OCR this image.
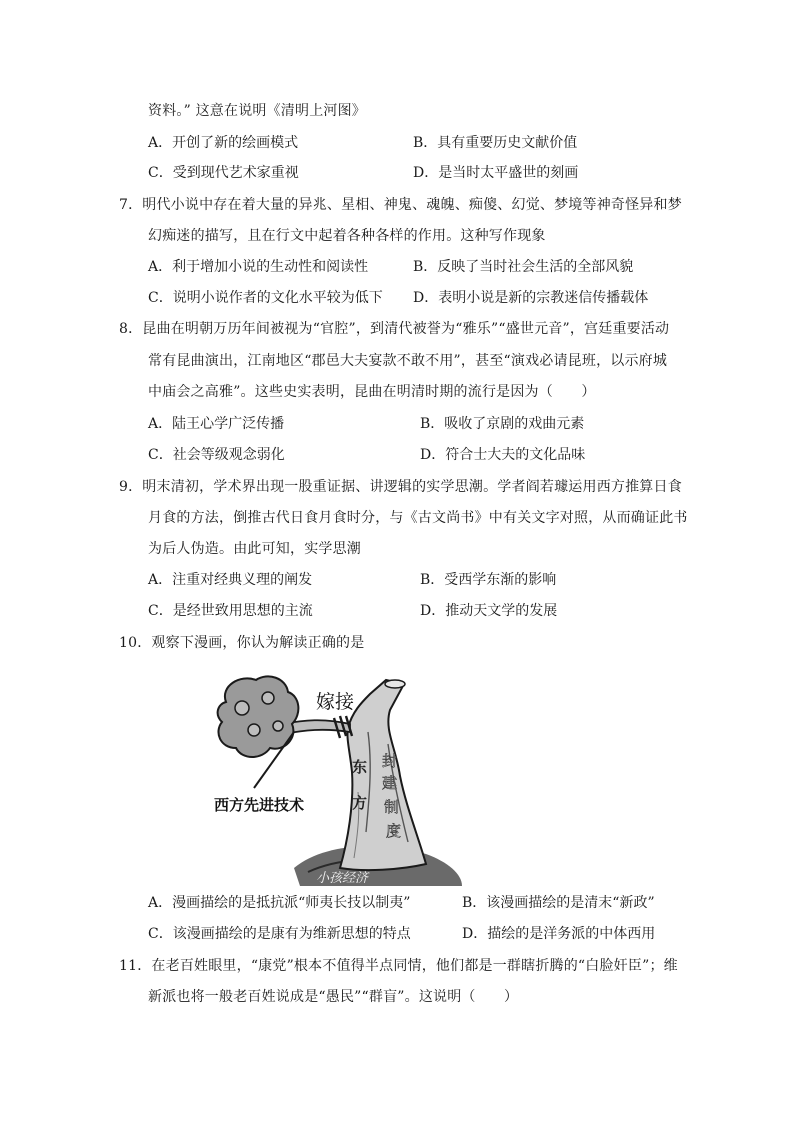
资料。” 这意在说明《清明上河图》
A．开创了新的绘画模式	B．具有重要历史文献价值
C．受到现代艺术家重视	D．是当时太平盛世的刻画
7．明代小说中存在着大量的异兆、星相、神鬼、魂魄、痴傻、幻觉、梦境等神奇怪异和梦
幻痴迷的描写，且在行文中起着各种各样的作用。这种写作现象
A．利于增加小说的生动性和阅读性	B．反映了当时社会生活的全部风貌
C．说明小说作者的文化水平较为低下 D．表明小说是新的宗教迷信传播载体
8．昆曲在明朝万历年间被视为“官腔”，到清代被誉为“雅乐”“盛世元音”，宫廷重要活动
常有昆曲演出，江南地区“郡邑大夫宴款不敢不用”，甚至“演戏必请昆班，以示府城
中庙会之高雅”。这些史实表明，昆曲在明清时期的流行是因为（　　）
A．陆王心学广泛传播	B．吸收了京剧的戏曲元素
C．社会等级观念弱化	D．符合士大夫的文化品味
9．明末清初，学术界出现一股重证据、讲逻辑的实学思潮。学者阎若璩运用西方推算日食
月食的方法，倒推古代日食月食时分，与《古文尚书》中有关文字对照，从而确证此书
为后人伪造。由此可知，实学思潮
A．注重对经典义理的阐发	B．受西学东渐的影响
C．是经世致用思想的主流	D．推动天文学的发展
10．观察下漫画，你认为解读正确的是
嫁接
东 方
封 建 制 度
西方先进技术
小孩经济
A．漫画描绘的是抵抗派“师夷长技以制夷”	B．该漫画描绘的是清末“新政”
C．该漫画描绘的是康有为维新思想的特点	D．描绘的是洋务派的中体西用
11．在老百姓眼里，“康党”根本不值得半点同情，他们都是一群瞎折腾的“白脸奸臣”；维
新派也将一般老百姓说成是“愚民”“群盲”。这说明（　　）
